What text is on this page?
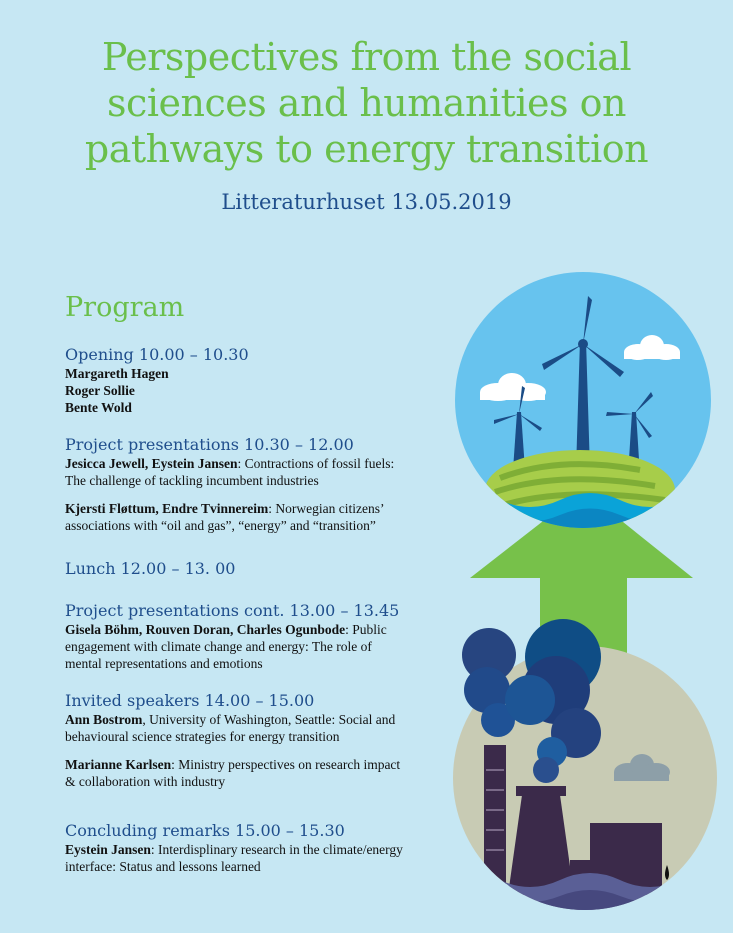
Perspectives from the social
sciences and humanities on
pathways to energy transition
Litteraturhuset 13.05.2019
Program
Opening 10.00 – 10.30
Margareth Hagen
Roger Sollie
Bente Wold
Project presentations 10.30 – 12.00
Jesicca Jewell, Eystein Jansen: Contractions of fossil fuels:
The challenge of tackling incumbent industries
Kjersti Fløttum, Endre Tvinnereim: Norwegian citizens’
associations with “oil and gas”, “energy” and “transition”
Lunch 12.00 – 13. 00
Project presentations cont. 13.00 – 13.45
Gisela Böhm, Rouven Doran, Charles Ogunbode: Public
engagement with climate change and energy: The role of
mental representations and emotions
Invited speakers 14.00 – 15.00
Ann Bostrom, University of Washington, Seattle: Social and
behavioural science strategies for energy transition
Marianne Karlsen: Ministry perspectives on research impact
& collaboration with industry
Concluding remarks 15.00 – 15.30
Eystein Jansen: Interdisplinary research in the climate/energy
interface: Status and lessons learned
